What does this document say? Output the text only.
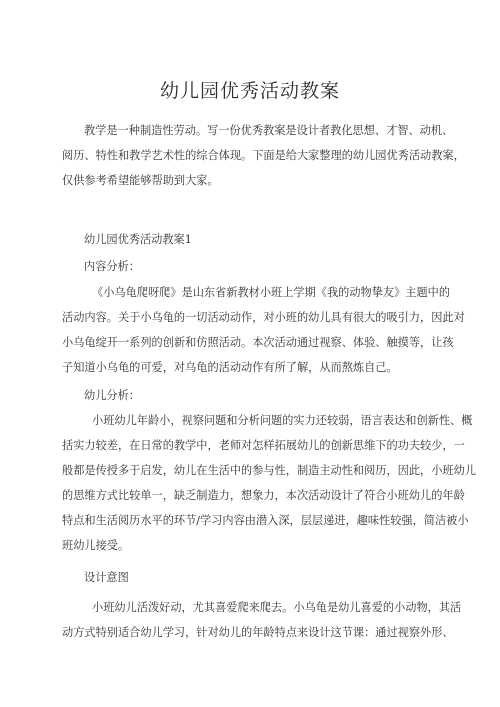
幼儿园优秀活动教案
教学是一种制造性劳动。写一份优秀教案是设计者教化思想、才智、动机、
阅历、特性和教学艺术性的综合体现。下面是给大家整理的幼儿园优秀活动教案，
仅供参考希望能够帮助到大家。
幼儿园优秀活动教案1
内容分析：
《小乌龟爬呀爬》是山东省新教材小班上学期《我的动物挚友》主题中的
活动内容。关于小乌龟的一切活动动作，对小班的幼儿具有很大的吸引力，因此对
小乌龟绽开一系列的创新和仿照活动。本次活动通过视察、体验、触摸等，让孩
子知道小乌龟的可爱，对乌龟的活动动作有所了解，从而熬炼自己。
幼儿分析：
小班幼儿年龄小，视察问题和分析问题的实力还较弱，语言表达和创新性、概
括实力较差，在日常的教学中，老师对怎样拓展幼儿的创新思维下的功夫较少，一
般都是传授多于启发，幼儿在生活中的参与性，制造主动性和阅历，因此，小班幼儿
的思维方式比较单一，缺乏制造力，想象力，本次活动设计了符合小班幼儿的年龄
特点和生活阅历水平的环节/学习内容由潜入深，层层递进，趣味性较强，简洁被小
班幼儿接受。
设计意图
小班幼儿活泼好动，尤其喜爱爬来爬去。小乌龟是幼儿喜爱的小动物，其活
动方式特别适合幼儿学习，针对幼儿的年龄特点来设计这节课：通过视察外形、
